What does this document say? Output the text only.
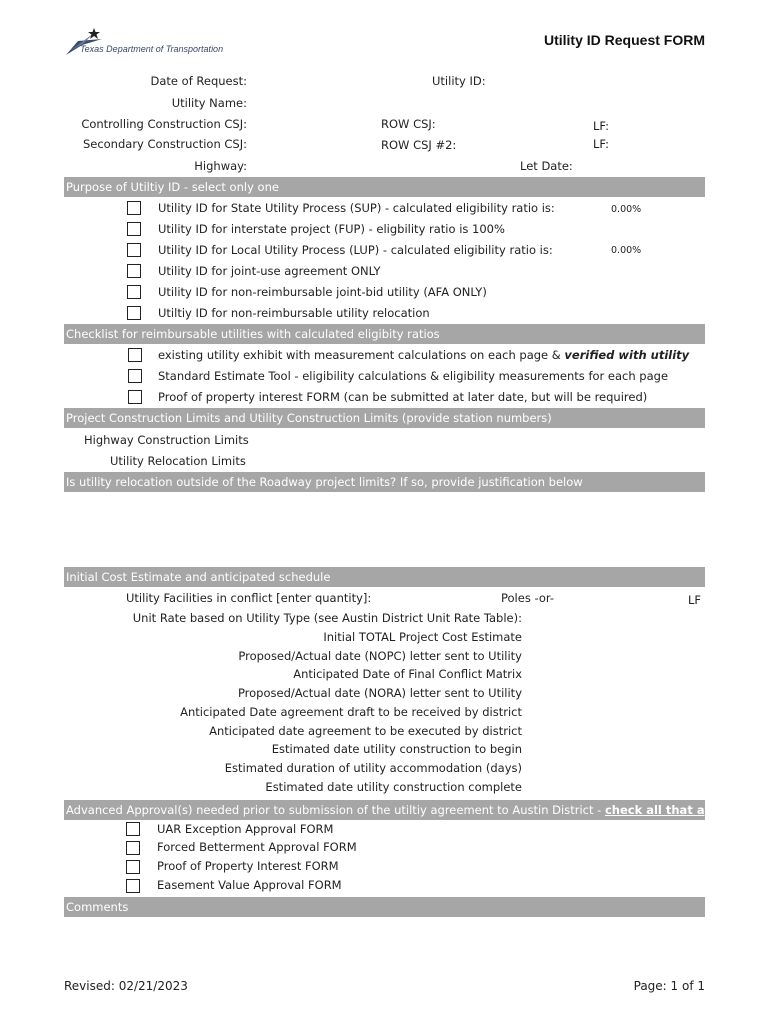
Texas Department of Transportation
Utility ID Request FORM
Date of Request:	Utility ID:
Utility Name:
Controlling Construction CSJ:	ROW CSJ:	LF:
Secondary Construction CSJ:	ROW CSJ #2:	LF:
Highway:	Let Date:
Purpose of Utiltiy ID - select only one
Utility ID for State Utility Process (SUP) - calculated eligibility ratio is:	0.00%
Utility ID for interstate project (FUP) - eligbility ratio is 100%
Utility ID for Local Utility Process (LUP) - calculated eligibility ratio is:	0.00%
Utility ID for joint-use agreement ONLY
Utility ID for non-reimbursable joint-bid utility (AFA ONLY)
Utiltiy ID for non-reimbursable utility relocation
Checklist for reimbursable utilities with calculated eligibity ratios
existing utility exhibit with measurement calculations on each page & verified with utility
Standard Estimate Tool - eligibility calculations & eligibility measurements for each page
Proof of property interest FORM (can be submitted at later date, but will be required)
Project Construction Limits and Utility Construction Limits (provide station numbers)
Highway Construction Limits
Utility Relocation Limits
Is utility relocation outside of the Roadway project limits? If so, provide justification below
Initial Cost Estimate and anticipated schedule
Utility Facilities in conflict [enter quantity]:	Poles -or-	LF
Unit Rate based on Utility Type (see Austin District Unit Rate Table):
Initial TOTAL Project Cost Estimate
Proposed/Actual date (NOPC) letter sent to Utility
Anticipated Date of Final Conflict Matrix
Proposed/Actual date (NORA) letter sent to Utility
Anticipated Date agreement draft to be received by district
Anticipated date agreement to be executed by district
Estimated date utility construction to begin
Estimated duration of utility accommodation (days)
Estimated date utility construction complete
Advanced Approval(s) needed prior to submission of the utiltiy agreement to Austin District - check all that apply
UAR Exception Approval FORM
Forced Betterment Approval FORM
Proof of Property Interest FORM
Easement Value Approval FORM
Comments
Revised: 02/21/2023	Page: 1 of 1
